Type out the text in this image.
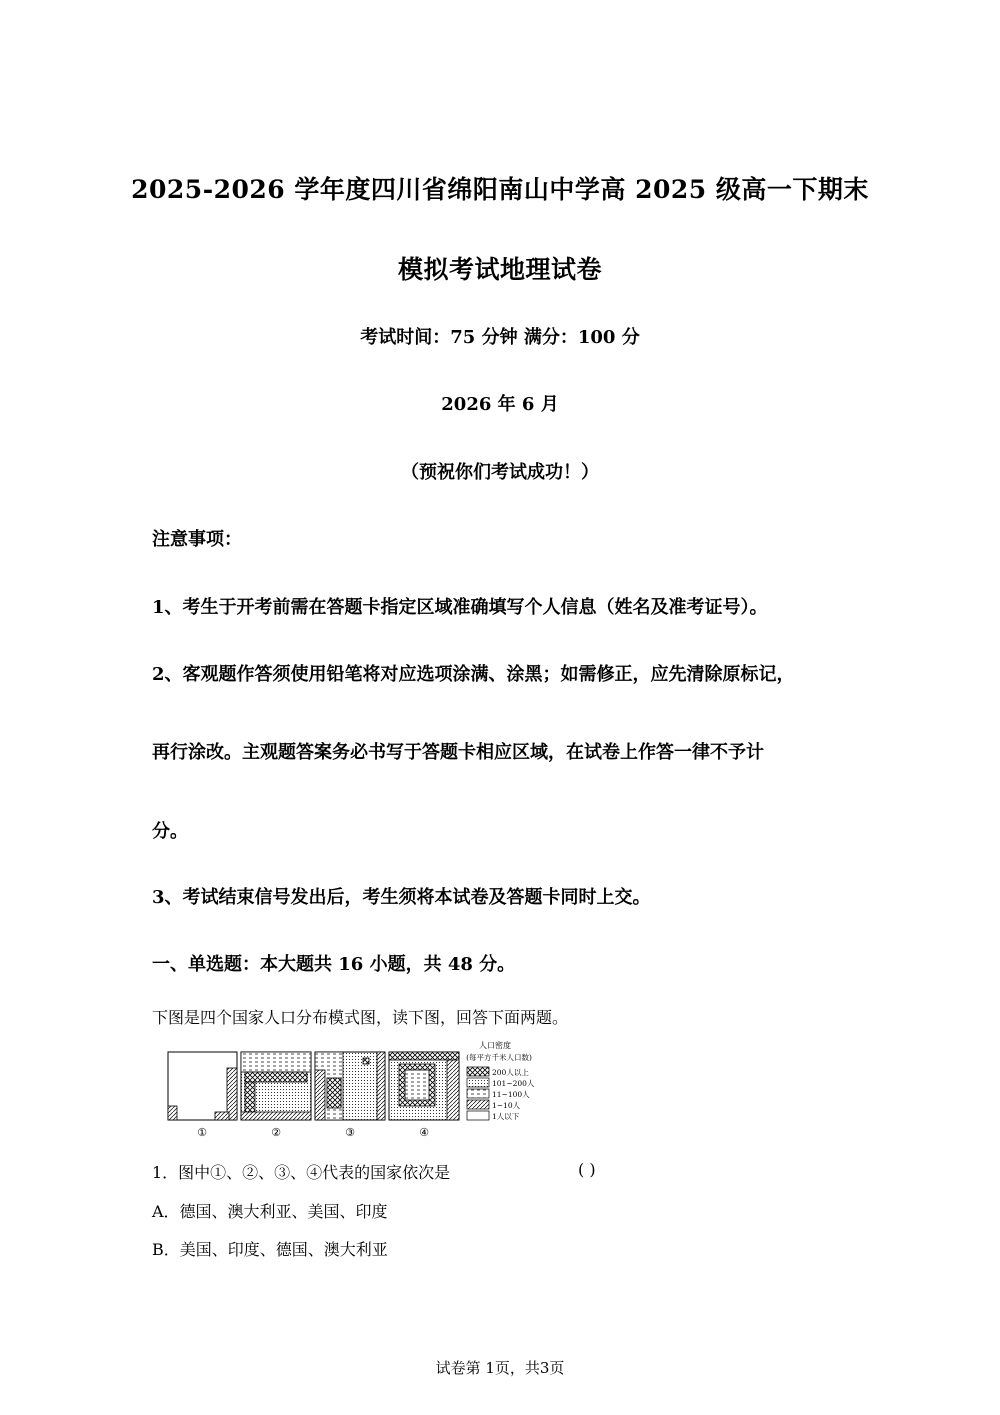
2025-2026 学年度四川省绵阳南山中学高 2025 级高一下期末
模拟考试地理试卷
考试时间：75 分钟 满分：100 分
2026 年 6 月
（预祝你们考试成功！）
注意事项：
1、考生于开考前需在答题卡指定区域准确填写个人信息（姓名及准考证号）。
2、客观题作答须使用铅笔将对应选项涂满、涂黑；如需修正，应先清除原标记，
再行涂改。主观题答案务必书写于答题卡相应区域，在试卷上作答一律不予计
分。
3、考试结束信号发出后，考生须将本试卷及答题卡同时上交。
一、单选题：本大题共 16 小题，共 48 分。
下图是四个国家人口分布模式图，读下图，回答下面两题。
①	②	③	④
人口密度
(每平方千米人口数)
200人以上
101~200人
11~100人
1~10人
1人以下
1．图中①、②、③、④代表的国家依次是	( )
A．德国、澳大利亚、美国、印度
B．美国、印度、德国、澳大利亚
试卷第 1页，共3页
